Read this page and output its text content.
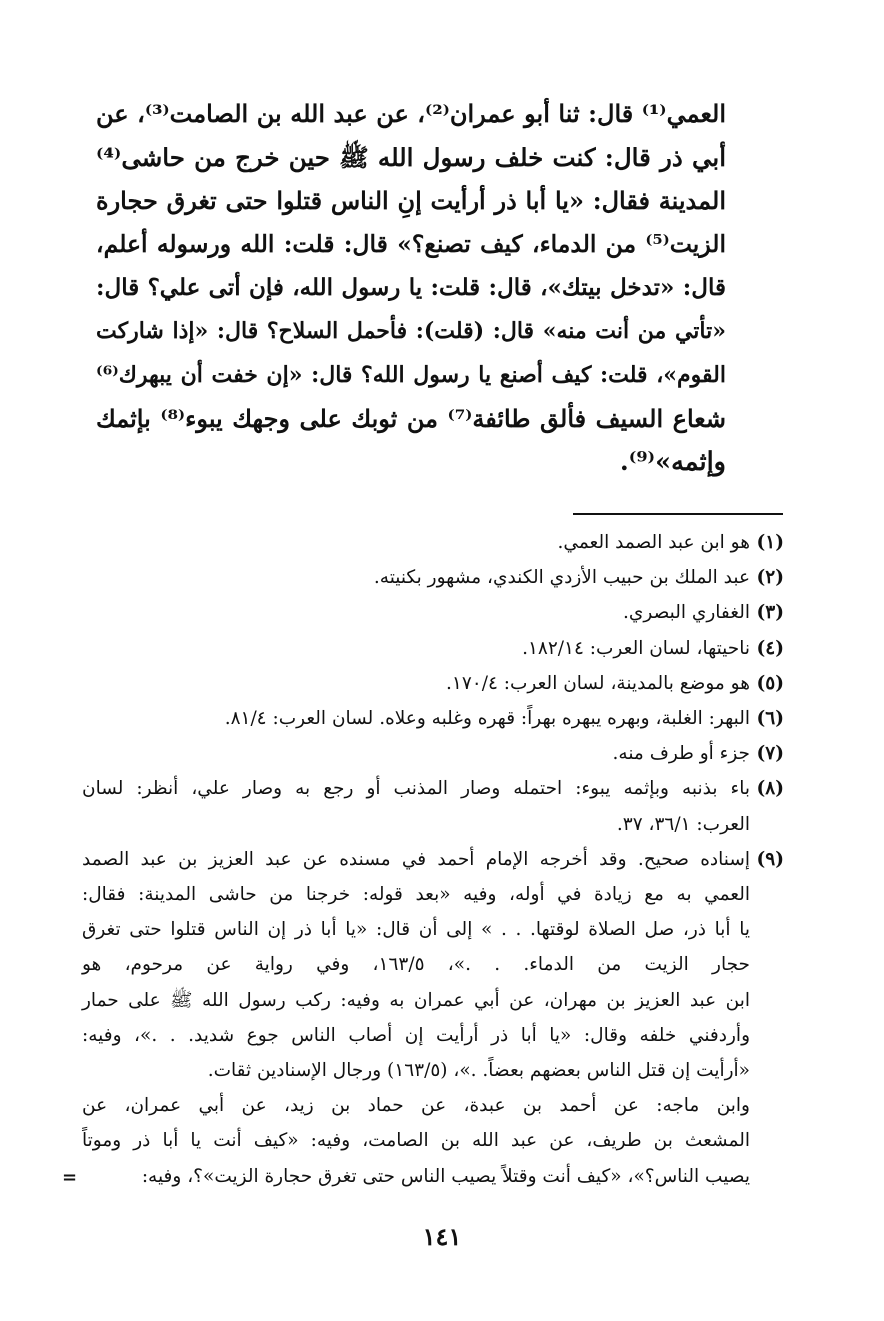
العمي⁽¹⁾ قال: ثنا أبو عمران⁽²⁾، عن عبد الله بن الصامت⁽³⁾، عن
أبي ذر قال: كنت خلف رسول الله ﷺ حين خرج من حاشى⁽⁴⁾
المدينة فقال: «يا أبا ذر أرأيت إنِ الناس قتلوا حتى تغرق حجارة
الزيت⁽⁵⁾ من الدماء، كيف تصنع؟» قال: قلت: الله ورسوله أعلم،
قال: «تدخل بيتك»، قال: قلت: يا رسول الله، فإن أتى علي؟ قال:
«تأتي من أنت منه» قال: (قلت): فأحمل السلاح؟ قال: «إذا شاركت
القوم»، قلت: كيف أصنع يا رسول الله؟ قال: «إن خفت أن يبهرك⁽⁶⁾
شعاع السيف فألق طائفة⁽⁷⁾ من ثوبك على وجهك يبوء⁽⁸⁾ بإثمك
وإثمه»⁽⁹⁾.
(١)
هو ابن عبد الصمد العمي.
(٢)
عبد الملك بن حبيب الأزدي الكندي، مشهور بكنيته.
(٣)
الغفاري البصري.
(٤)
ناحيتها، لسان العرب: ١٨٢/١٤.
(٥)
هو موضع بالمدينة، لسان العرب: ١٧٠/٤.
(٦)
البهر: الغلبة، وبهره يبهره بهراً: قهره وغلبه وعلاه. لسان العرب: ٨١/٤.
(٧)
جزء أو طرف منه.
(٨)
باء بذنبه وبإثمه يبوء: احتمله وصار المذنب أو رجع به وصار علي، أنظر: لسان
العرب: ٣٦/١، ٣٧.
(٩)
إسناده صحيح. وقد أخرجه الإمام أحمد في مسنده عن عبد العزيز بن عبد الصمد
العمي به مع زيادة في أوله، وفيه «بعد قوله: خرجنا من حاشى المدينة: فقال:
يا أبا ذر، صل الصلاة لوقتها. . . » إلى أن قال: «يا أبا ذر إن الناس قتلوا حتى تغرق
حجار الزيت من الدماء. . .»، ١٦٣/٥، وفي رواية عن مرحوم، هو
ابن عبد العزيز بن مهران، عن أبي عمران به وفيه: ركب رسول الله ﷺ على حمار
وأردفني خلفه وقال: «يا أبا ذر أرأيت إن أصاب الناس جوع شديد. . .»، وفيه:
«أرأيت إن قتل الناس بعضهم بعضاً. .»، (١٦٣/٥) ورجال الإسنادين ثقات.
وابن ماجه: عن أحمد بن عبدة، عن حماد بن زيد، عن أبي عمران، عن
المشعث بن طريف، عن عبد الله بن الصامت، وفيه: «كيف أنت يا أبا ذر وموتاً
يصيب الناس؟»، «كيف أنت وقتلاً يصيب الناس حتى تغرق حجارة الزيت»؟، وفيه:
=
١٤١
